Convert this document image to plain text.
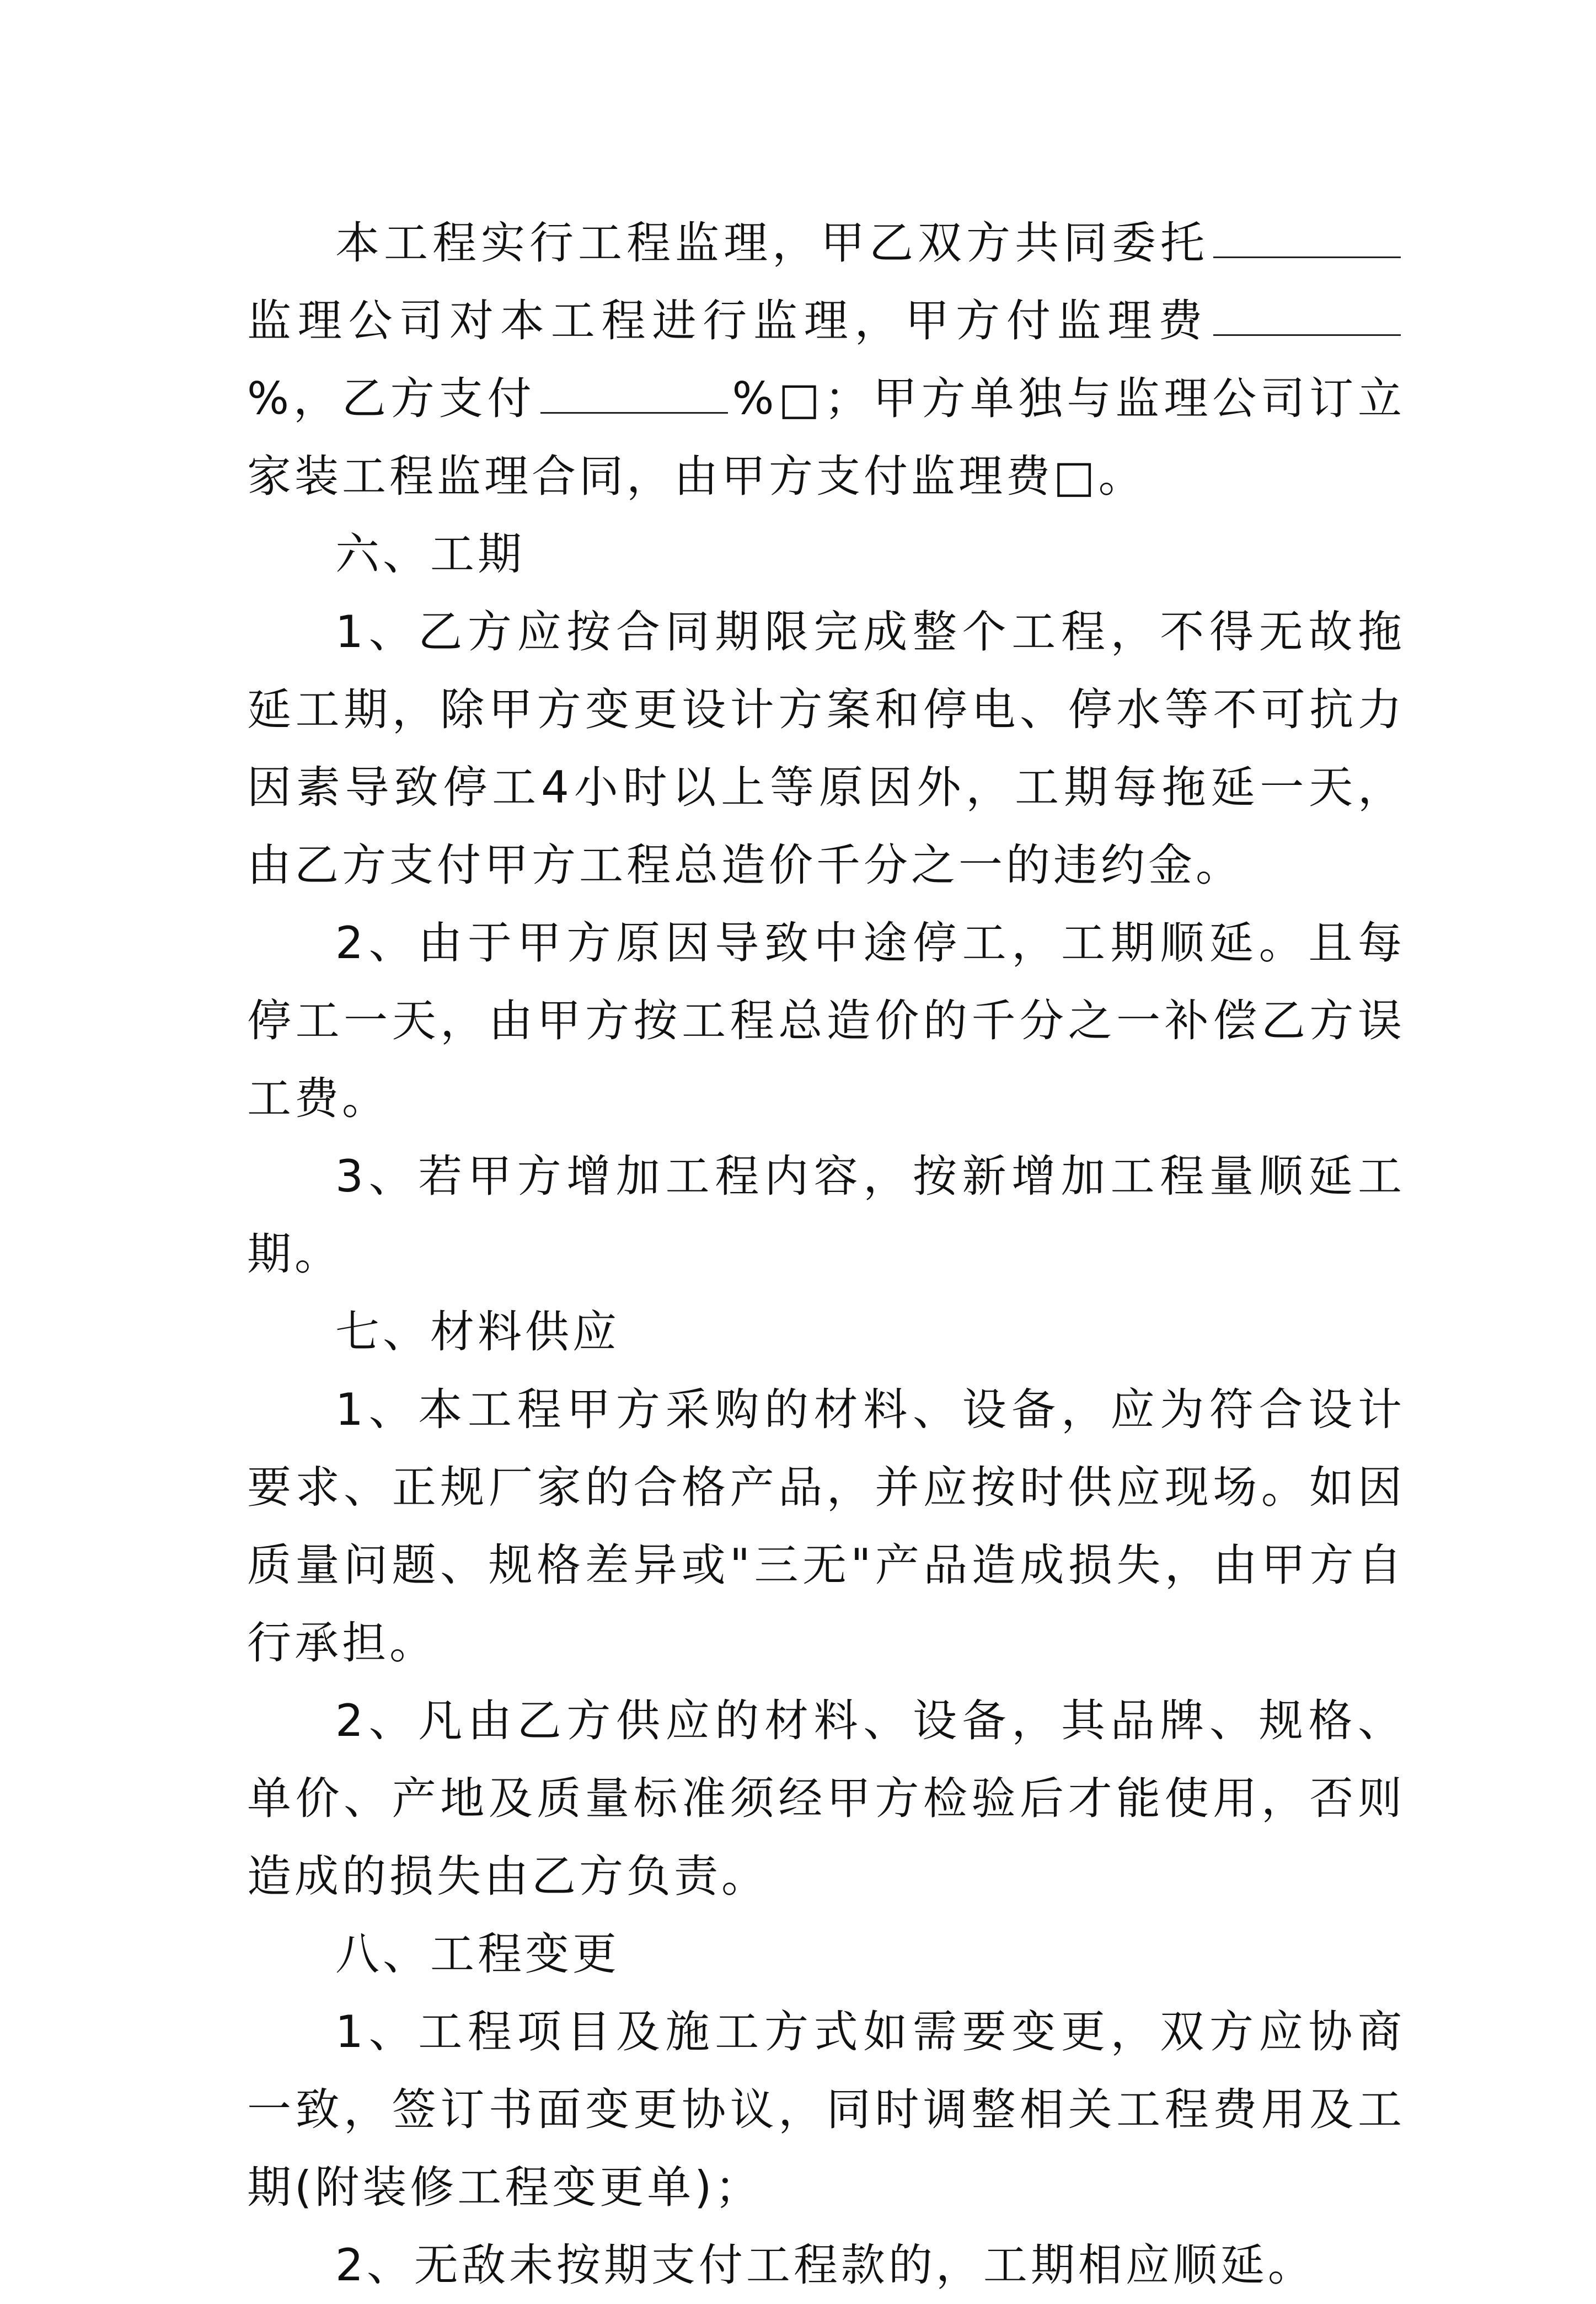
本工程实行工程监理，甲乙双方共同委托监理公司对本工程进行监理，甲方付监理费%，乙方支付	%□；甲方单独与监理公司订立家装工程监理合同，由甲方支付监理费□。

六、工期

1、乙方应按合同期限完成整个工程，不得无故拖延工期，除甲方变更设计方案和停电、停水等不可抗力因素导致停工4小时以上等原因外，工期每拖延一天，由乙方支付甲方工程总造价千分之一的违约金。

2、由于甲方原因导致中途停工，工期顺延。且每停工一天，由甲方按工程总造价的千分之一补偿乙方误工费。

3、若甲方增加工程内容，按新增加工程量顺延工期。

七、材料供应

1、本工程甲方采购的材料、设备，应为符合设计要求、正规厂家的合格产品，并应按时供应现场。如因质量问题、规格差异或"三无"产品造成损失，由甲方自行承担。

2、凡由乙方供应的材料、设备，其品牌、规格、单价、产地及质量标准须经甲方检验后才能使用，否则造成的损失由乙方负责。

八、工程变更

1、工程项目及施工方式如需要变更，双方应协商一致，签订书面变更协议，同时调整相关工程费用及工期(附装修工程变更单)；

2、无敌未按期支付工程款的，工期相应顺延。
